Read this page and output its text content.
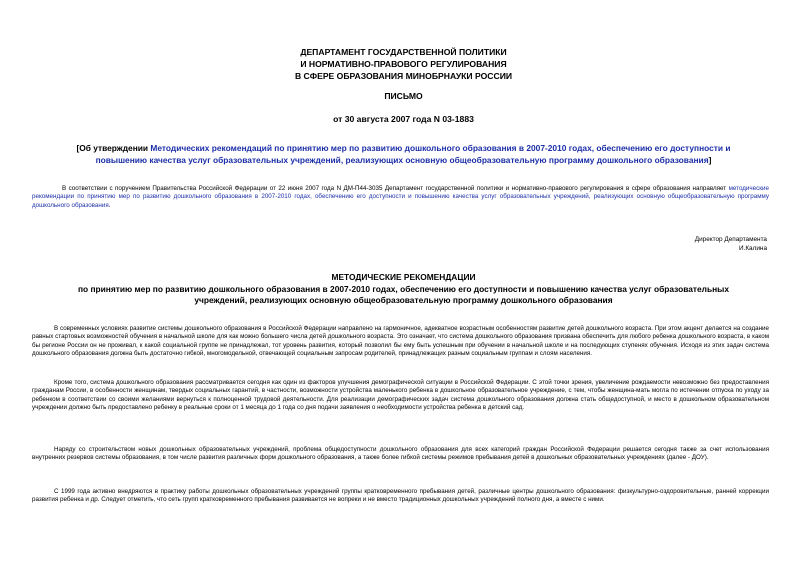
ДЕПАРТАМЕНТ ГОСУДАРСТВЕННОЙ ПОЛИТИКИ
И НОРМАТИВНО-ПРАВОВОГО РЕГУЛИРОВАНИЯ
В СФЕРЕ ОБРАЗОВАНИЯ МИНОБРНАУКИ РОССИИ
ПИСЬМО
от 30 августа 2007 года N 03-1883
[Об утверждении Методических рекомендаций по принятию мер по развитию дошкольного образования в 2007-2010 годах, обеспечению его доступности и
повышению качества услуг образовательных учреждений, реализующих основную общеобразовательную программу дошкольного образования]
В соответствии с поручением Правительства Российской Федерации от 22 июня 2007 года N ДМ-П44-3035 Департамент государственной политики и нормативно-правового регулирования в сфере образования направляет методические рекомендации по принятию мер по развитию дошкольного образования в 2007-2010 годах, обеспечению его доступности и повышению качества услуг образовательных учреждений, реализующих основную общеобразовательную программу дошкольного образования.
Директор Департамента
И.Калина
МЕТОДИЧЕСКИЕ РЕКОМЕНДАЦИИ
по принятию мер по развитию дошкольного образования в 2007-2010 годах, обеспечению его доступности и повышению качества услуг образовательных
учреждений, реализующих основную общеобразовательную программу дошкольного образования
В современных условиях развитие системы дошкольного образования в Российской Федерации направлено на гармоничное, адекватное возрастным особенностям развитие детей дошкольного возраста. При этом акцент делается на создание равных стартовых возможностей обучения в начальной школе для как можно большего числа детей дошкольного возраста. Это означает, что система дошкольного образования призвана обеспечить для любого ребенка дошкольного возраста, в каком бы регионе России он не проживал, к какой социальной группе не принадлежал, тот уровень развития, который позволил бы ему быть успешным при обучении в начальной школе и на последующих ступенях обучения. Исходя из этих задач система дошкольного образования должна быть достаточно гибкой, многомодельной, отвечающей социальным запросам родителей, принадлежащих разным социальным группам и слоям населения.
Кроме того, система дошкольного образования рассматривается сегодня как один из факторов улучшения демографической ситуации в Российской Федерации. С этой точки зрения, увеличение рождаемости невозможно без предоставления гражданам России, в особенности женщинам, твердых социальных гарантий, в частности, возможности устройства маленького ребенка в дошкольное образовательное учреждение, с тем, чтобы женщина-мать могла по истечении отпуска по уходу за ребенком в соответствии со своими желаниями вернуться к полноценной трудовой деятельности. Для реализации демографических задач система дошкольного образования должна стать общедоступной, и место в дошкольном образовательном учреждении должно быть предоставлено ребенку в реальные сроки от 1 месяца до 1 года со дня подачи заявления о необходимости устройства ребенка в детский сад.
Наряду со строительством новых дошкольных образовательных учреждений, проблема общедоступности дошкольного образования для всех категорий граждан Российской Федерации решается сегодня также за счет использования внутренних резервов системы образования, в том числе развития различных форм дошкольного образования, а также более гибкой системы режимов пребывания детей в дошкольных образовательных учреждениях (далее - ДОУ).
С 1999 года активно внедряются в практику работы дошкольных образовательных учреждений группы кратковременного пребывания детей, различные центры дошкольного образования: физкультурно-оздоровительные, ранней коррекции развития ребенка и др. Следует отметить, что сеть групп кратковременного пребывания развивается не вопреки и не вместо традиционных дошкольных учреждений полного дня, а вместе с ними.
